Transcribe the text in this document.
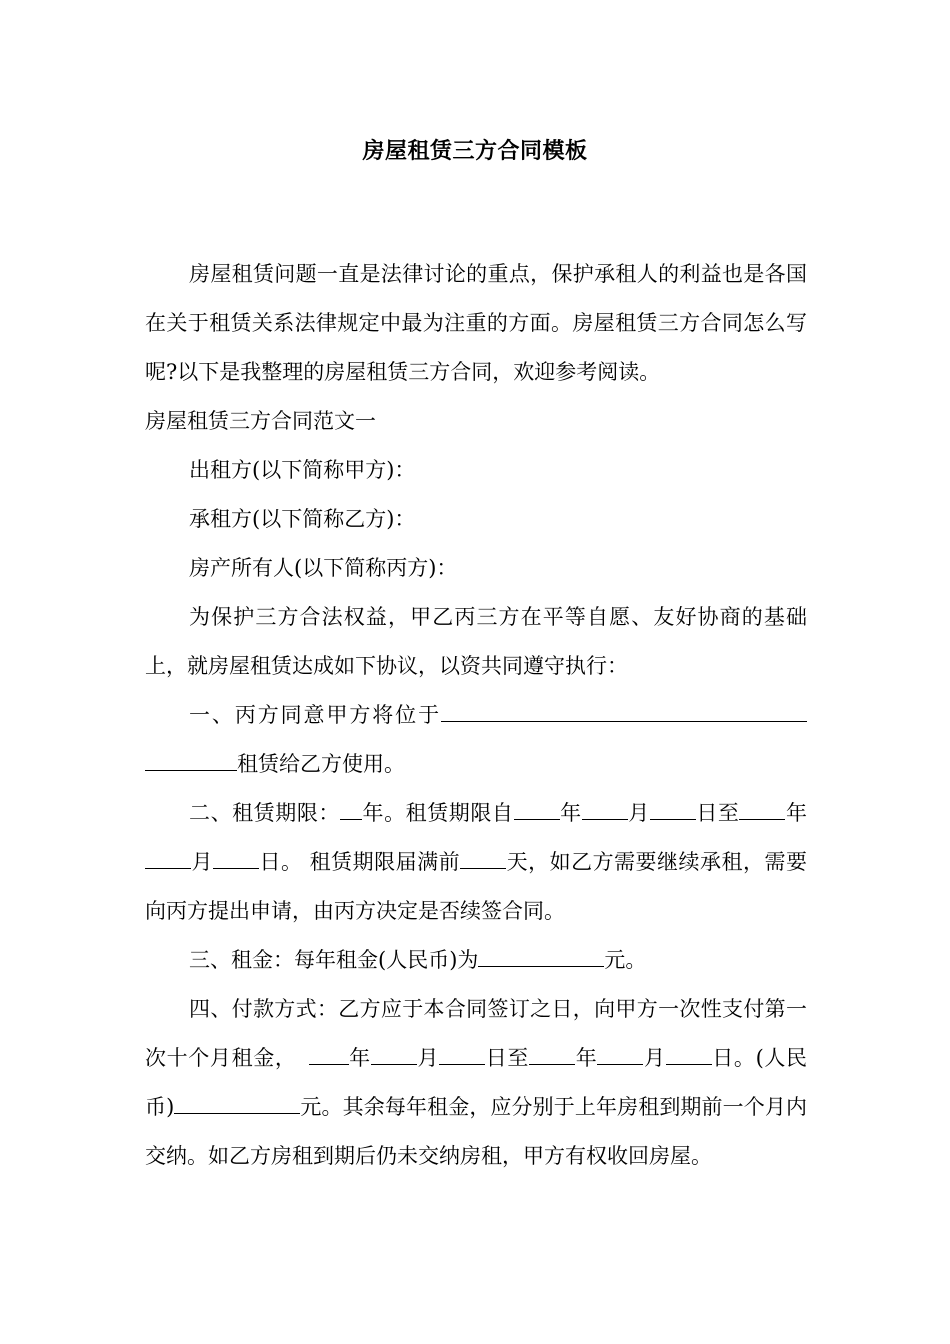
房屋租赁三方合同模板

房屋租赁问题一直是法律讨论的重点，保护承租人的利益也是各国在关于租赁关系法律规定中最为注重的方面。房屋租赁三方合同怎么写呢?以下是我整理的房屋租赁三方合同，欢迎参考阅读。

房屋租赁三方合同范文一

出租方(以下简称甲方)：

承租方(以下简称乙方)：

房产所有人(以下简称丙方)：

为保护三方合法权益，甲乙丙三方在平等自愿、友好协商的基础上，就房屋租赁达成如下协议，以资共同遵守执行：

一、丙方同意甲方将位于租赁给乙方使用。

二、租赁期限： 年。租赁期限自 年 月 日至 年月 日。 租赁期限届满前 天，如乙方需要继续承租，需要向丙方提出申请，由丙方决定是否续签合同。

三、租金：每年租金(人民币)为	元。

四、付款方式：乙方应于本合同签订之日，向甲方一次性支付第一次十个月租金， 年 月 日至 年 月 日。(人民币)	元。其余每年租金，应分别于上年房租到期前一个月内交纳。如乙方房租到期后仍未交纳房租，甲方有权收回房屋。
